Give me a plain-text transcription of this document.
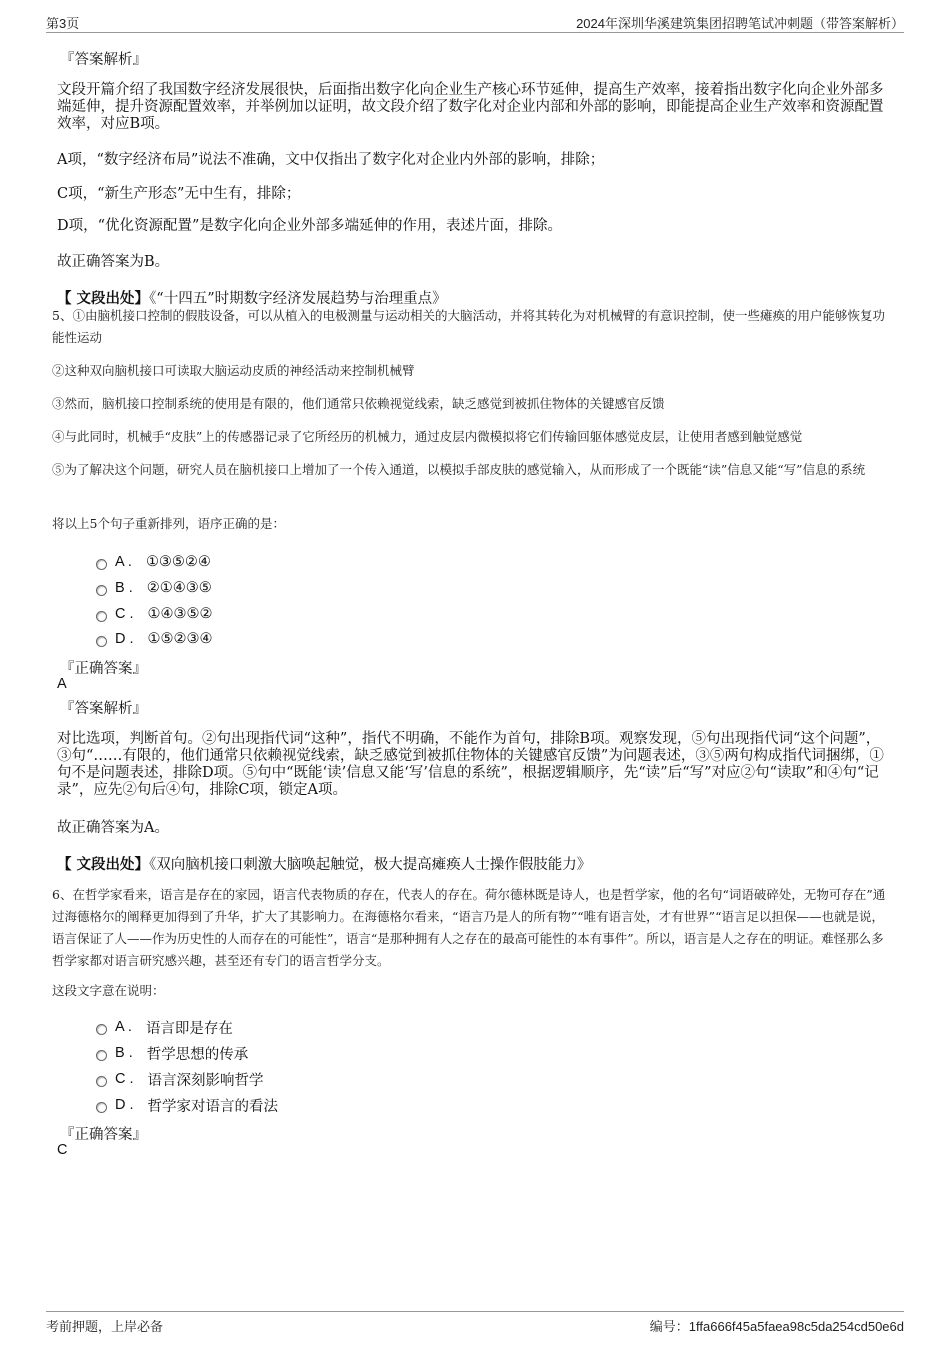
第3页	2024年深圳华溪建筑集团招聘笔试冲刺题（带答案解析）
『答案解析』
文段开篇介绍了我国数字经济发展很快，后面指出数字化向企业生产核心环节延伸，提高生产效率，接着指出数字化向企业外部多端延伸，提升资源配置效率，并举例加以证明，故文段介绍了数字化对企业内部和外部的影响，即能提高企业生产效率和资源配置效率，对应B项。
A项，“数字经济布局”说法不准确，文中仅指出了数字化对企业内外部的影响，排除；
C项，“新生产形态”无中生有，排除；
D项，“优化资源配置”是数字化向企业外部多端延伸的作用，表述片面，排除。
故正确答案为B。
【 文段出处】《“十四五”时期数字经济发展趋势与治理重点》
5、①由脑机接口控制的假肢设备，可以从植入的电极测量与运动相关的大脑活动，并将其转化为对机械臂的有意识控制，使一些瘫痪的用户能够恢复功能性运动
②这种双向脑机接口可读取大脑运动皮质的神经活动来控制机械臂
③然而，脑机接口控制系统的使用是有限的，他们通常只依赖视觉线索，缺乏感觉到被抓住物体的关键感官反馈
④与此同时，机械手“皮肤”上的传感器记录了它所经历的机械力，通过皮层内微模拟将它们传输回躯体感觉皮层，让使用者感到触觉感觉
⑤为了解决这个问题，研究人员在脑机接口上增加了一个传入通道，以模拟手部皮肤的感觉输入，从而形成了一个既能“读”信息又能“写”信息的系统
将以上5个句子重新排列，语序正确的是：
A . ①③⑤②④
B . ②①④③⑤
C . ①④③⑤②
D . ①⑤②③④
『正确答案』
A
『答案解析』
对比选项，判断首句。②句出现指代词“这种”，指代不明确，不能作为首句，排除B项。观察发现，⑤句出现指代词“这个问题”，③句“……有限的，他们通常只依赖视觉线索，缺乏感觉到被抓住物体的关键感官反馈”为问题表述，③⑤两句构成指代词捆绑，①句不是问题表述，排除D项。⑤句中“既能‘读’信息又能‘写’信息的系统”，根据逻辑顺序，先“读”后“写”对应②句“读取”和④句“记录”，应先②句后④句，排除C项，锁定A项。
故正确答案为A。
【 文段出处】《双向脑机接口刺激大脑唤起触觉，极大提高瘫痪人士操作假肢能力》
6、在哲学家看来，语言是存在的家园，语言代表物质的存在，代表人的存在。荷尔德林既是诗人，也是哲学家，他的名句“词语破碎处，无物可存在”通过海德格尔的阐释更加得到了升华，扩大了其影响力。在海德格尔看来，“语言乃是人的所有物”“唯有语言处，才有世界”“语言足以担保——也就是说，语言保证了人——作为历史性的人而存在的可能性”，语言“是那种拥有人之存在的最高可能性的本有事件”。所以，语言是人之存在的明证。难怪那么多哲学家都对语言研究感兴趣，甚至还有专门的语言哲学分支。
这段文字意在说明：
A . 语言即是存在
B . 哲学思想的传承
C . 语言深刻影响哲学
D . 哲学家对语言的看法
『正确答案』
C
考前押题，上岸必备	编号：1ffa666f45a5faea98c5da254cd50e6d
